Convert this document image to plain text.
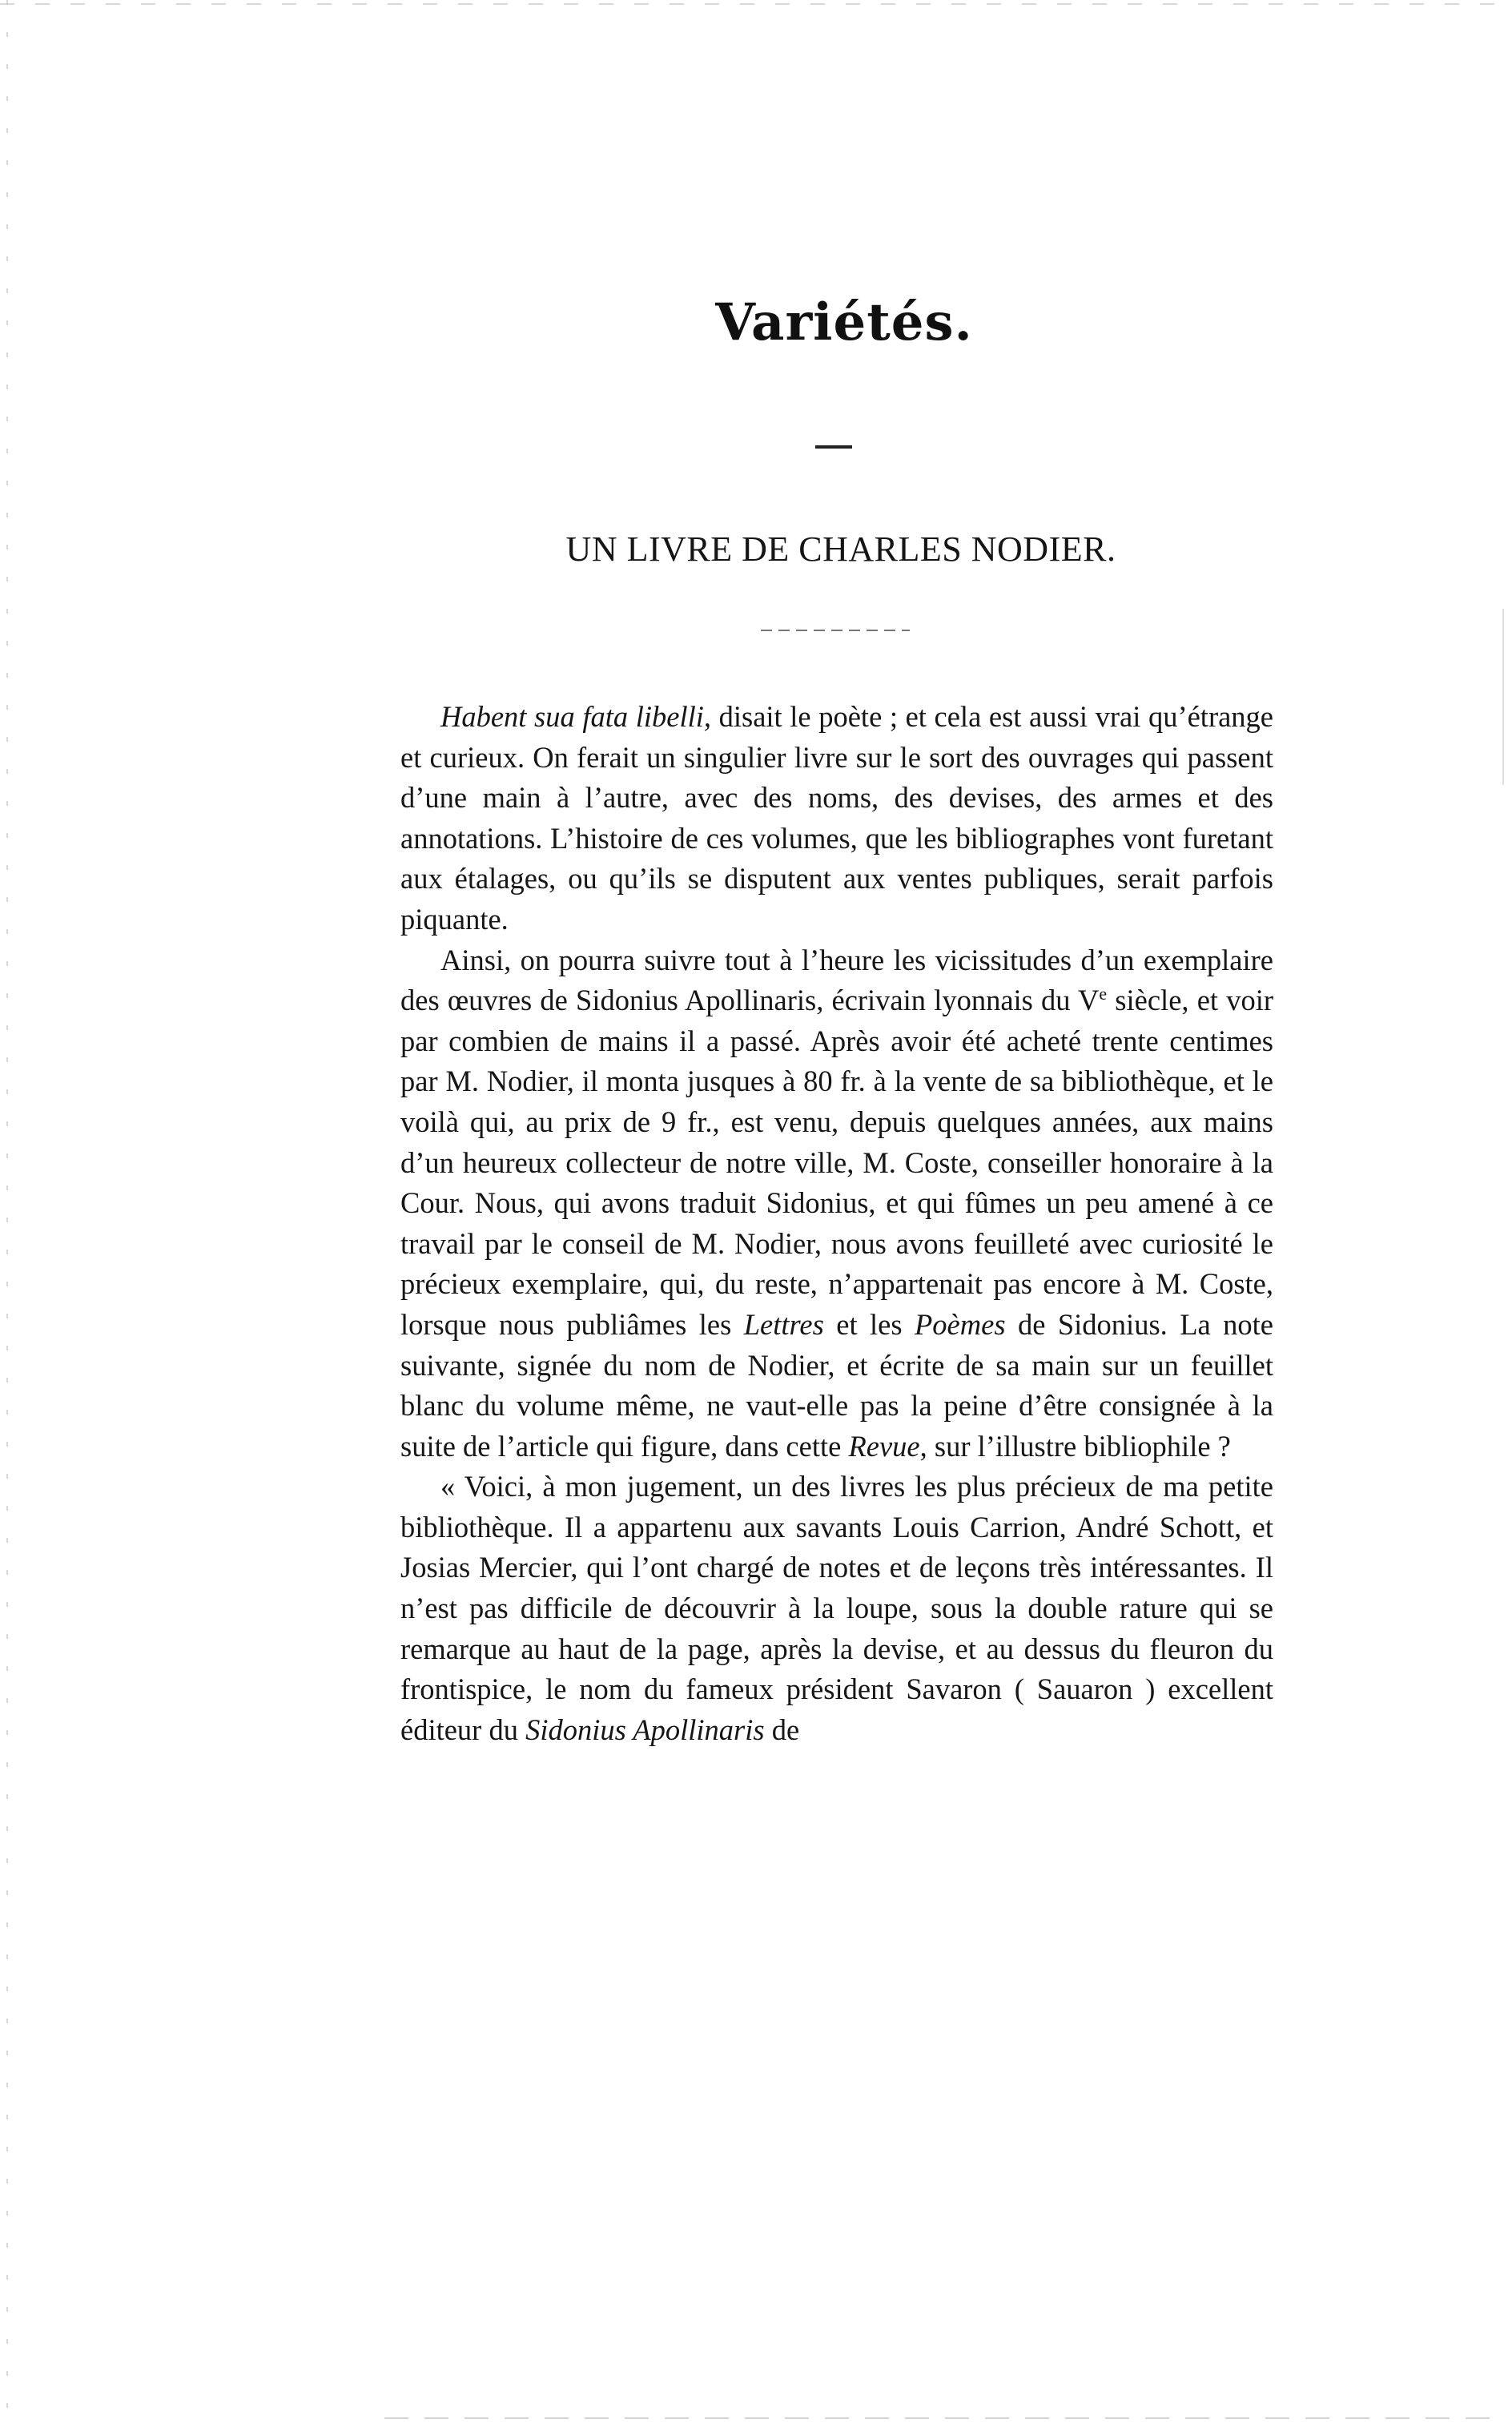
Variétés.
UN LIVRE DE CHARLES NODIER.

Habent sua fata libelli, disait le poète ; et cela est aussi vrai qu’étrange et curieux. On ferait un singulier livre sur le sort des ouvrages qui passent d’une main à l’autre, avec des noms, des devises, des armes et des annotations. L’histoire de ces volumes, que les bibliographes vont furetant aux étalages, ou qu’ils se disputent aux ventes publiques, serait parfois piquante.

Ainsi, on pourra suivre tout à l’heure les vicissitudes d’un exemplaire des œuvres de Sidonius Apollinaris, écrivain lyonnais du Ve siècle, et voir par combien de mains il a passé. Après avoir été acheté trente centimes par M. Nodier, il monta jusques à 80 fr. à la vente de sa bibliothèque, et le voilà qui, au prix de 9 fr., est venu, depuis quelques années, aux mains d’un heureux collecteur de notre ville, M. Coste, conseiller honoraire à la Cour. Nous, qui avons traduit Sidonius, et qui fûmes un peu amené à ce travail par le conseil de M. Nodier, nous avons feuilleté avec curiosité le précieux exemplaire, qui, du reste, n’appartenait pas encore à M. Coste, lorsque nous publiâmes les Lettres et les Poèmes de Sidonius. La note suivante, signée du nom de Nodier, et écrite de sa main sur un feuillet blanc du volume même, ne vaut-elle pas la peine d’être consignée à la suite de l’article qui figure, dans cette Revue, sur l’illustre bibliophile ?

« Voici, à mon jugement, un des livres les plus précieux de ma petite bibliothèque. Il a appartenu aux savants Louis Carrion, André Schott, et Josias Mercier, qui l’ont chargé de notes et de leçons très intéressantes. Il n’est pas difficile de découvrir à la loupe, sous la double rature qui se remarque au haut de la page, après la devise, et au dessus du fleuron du frontispice, le nom du fameux président Savaron ( Sauaron ) excellent éditeur du Sidonius Apollinaris de
